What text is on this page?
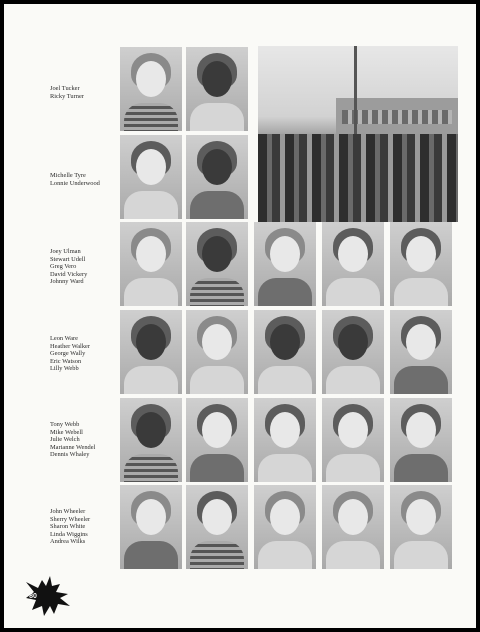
Joel Tucker
Ricky Turner
Michelle Tyre
Lonnie Underwood
Joey Ulman
Stewart Udell
Greg Vero
David Vickery
Johnny Ward
Leon Ware
Heather Walker
George Wally
Eric Watson
Lilly Webb
Tony Webb
Mike Webell
Julie Welch
Marianne Wendel
Dennis Whaley
John Wheeler
Sherry Wheeler
Sharon White
Linda Wiggins
Andrea Wilks
80
